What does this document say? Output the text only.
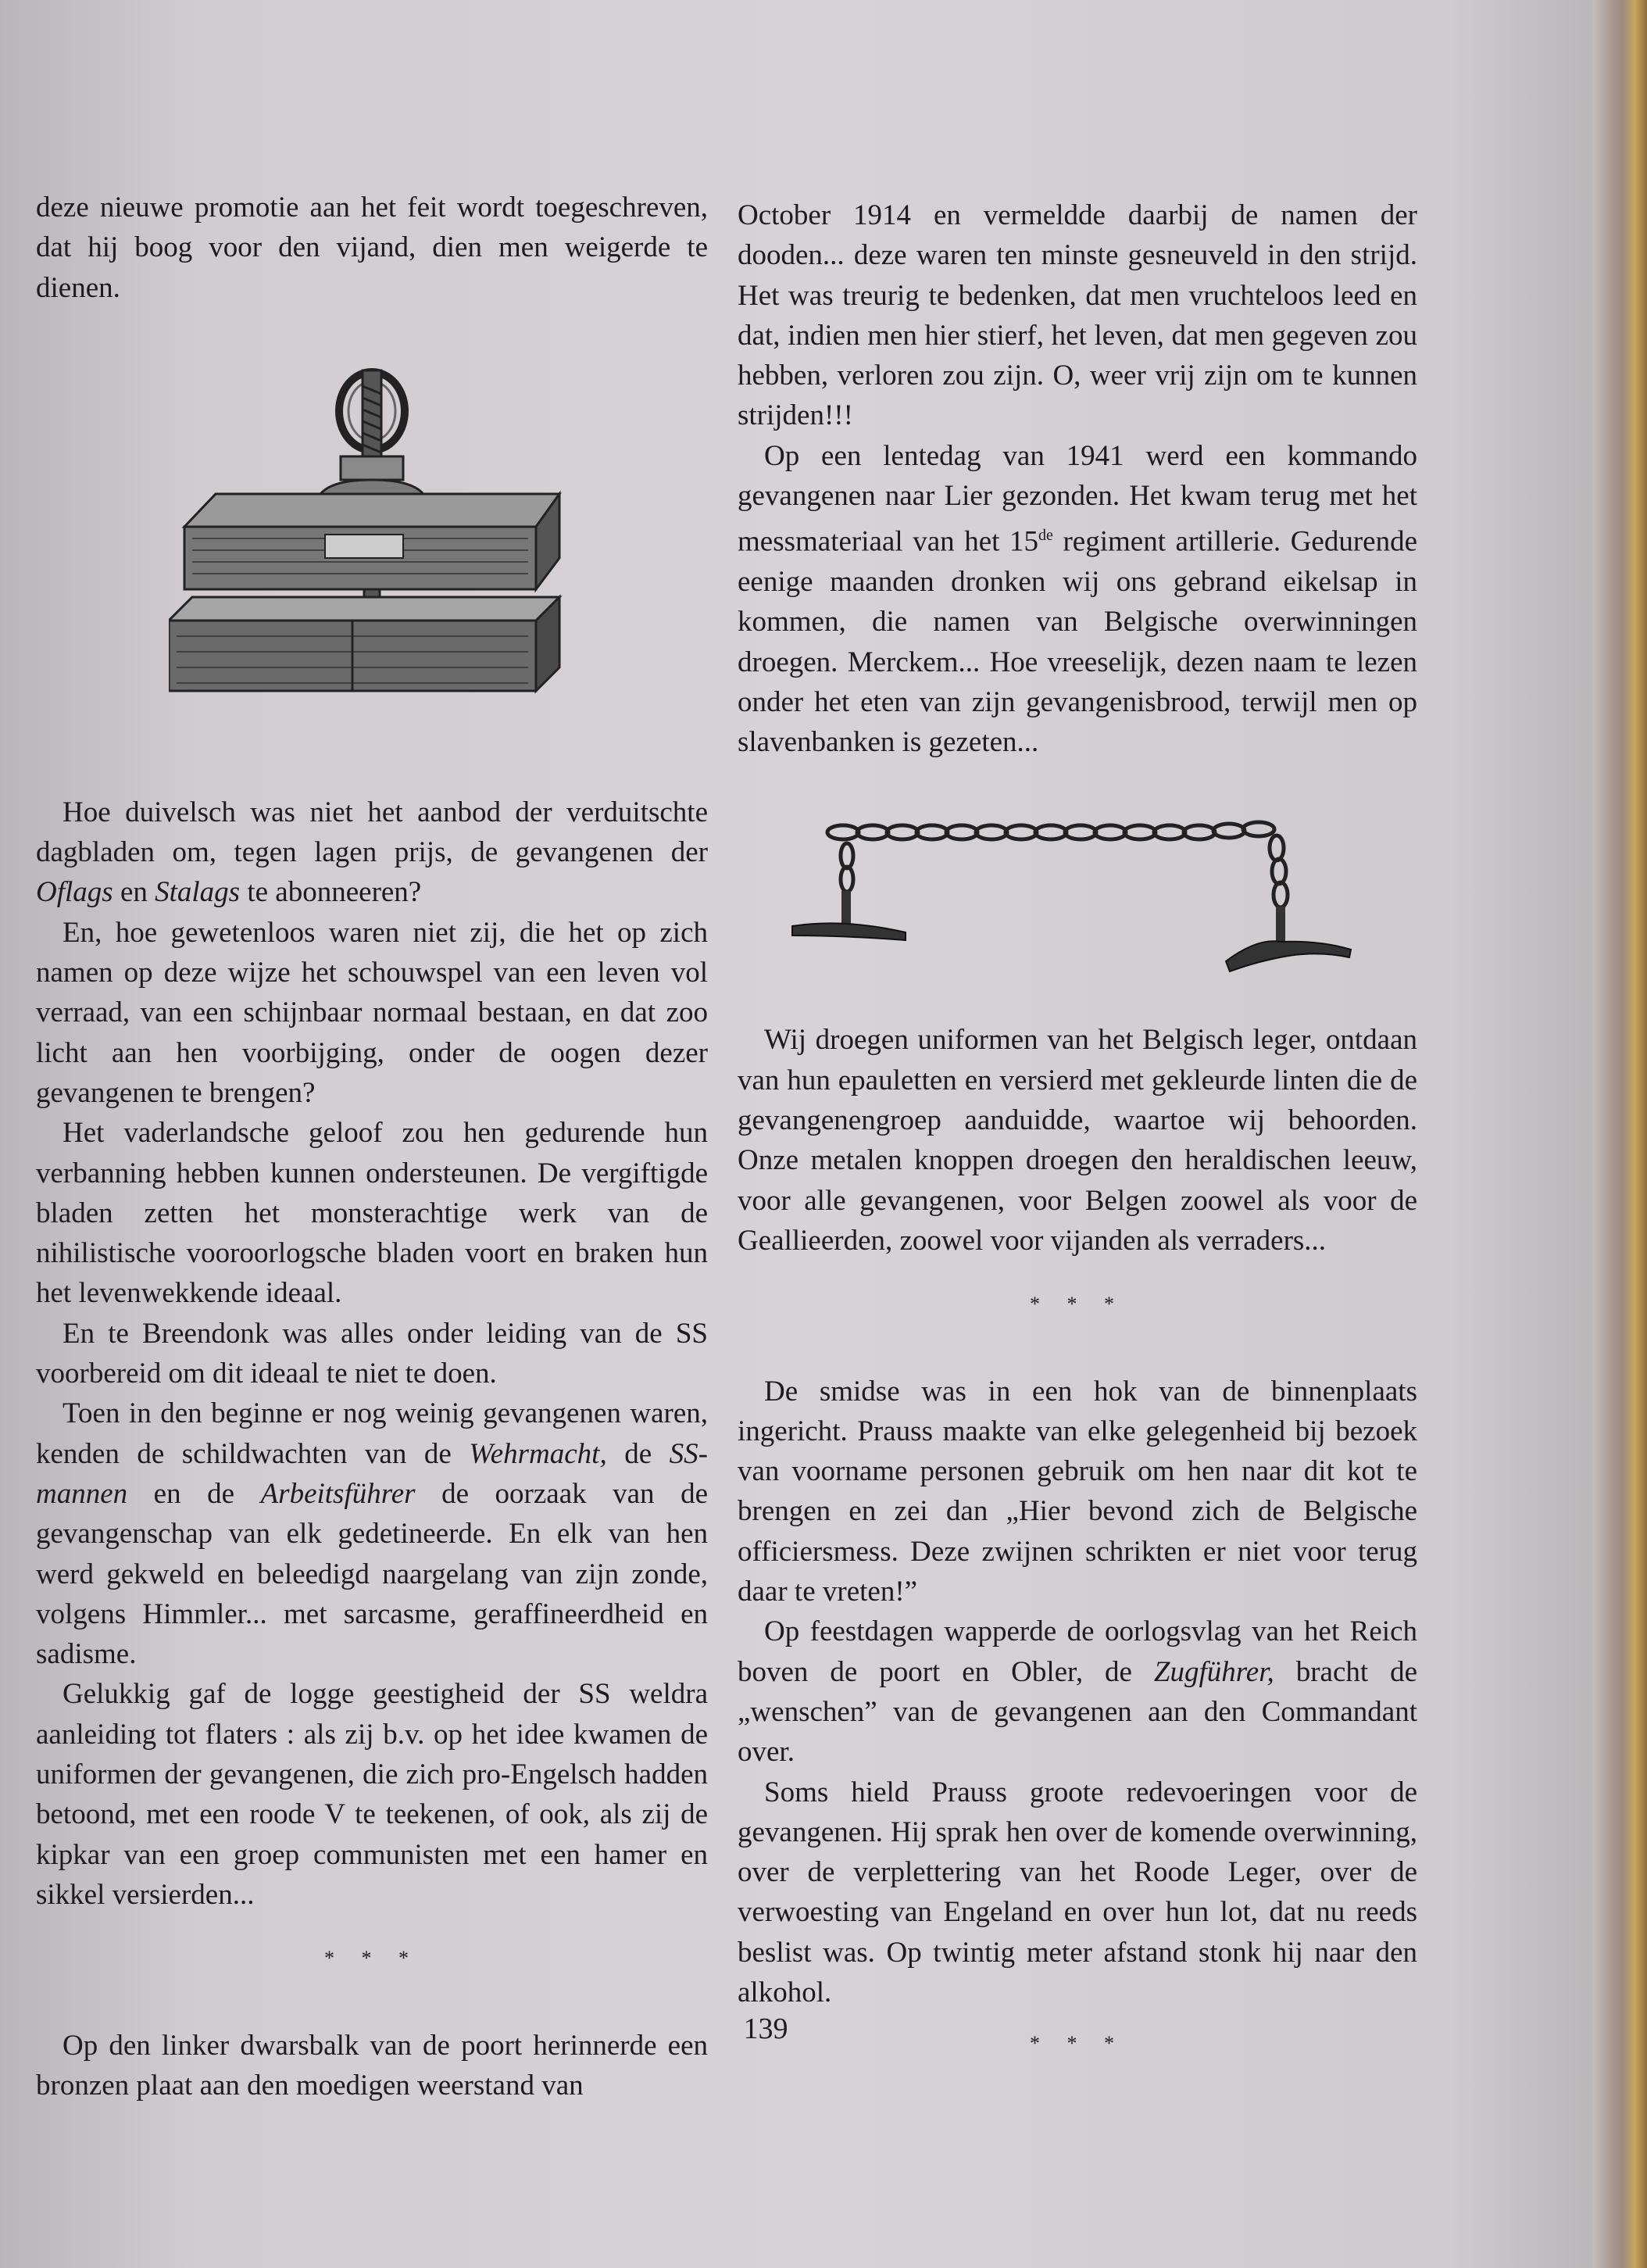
deze nieuwe promotie aan het feit wordt toegeschreven, dat hij boog voor den vijand, dien men weigerde te dienen.

Hoe duivelsch was niet het aanbod der verduitschte dagbladen om, tegen lagen prijs, de gevangenen der Oflags en Stalags te abonneeren?

En, hoe gewetenloos waren niet zij, die het op zich namen op deze wijze het schouwspel van een leven vol verraad, van een schijnbaar normaal bestaan, en dat zoo licht aan hen voorbijging, onder de oogen dezer gevangenen te brengen?

Het vaderlandsche geloof zou hen gedurende hun verbanning hebben kunnen ondersteunen. De vergiftigde bladen zetten het monsterachtige werk van de nihilistische vooroorlogsche bladen voort en braken hun het levenwekkende ideaal.

En te Breendonk was alles onder leiding van de SS voorbereid om dit ideaal te niet te doen.

Toen in den beginne er nog weinig gevangenen waren, kenden de schildwachten van de Wehrmacht, de SS-mannen en de Arbeitsführer de oorzaak van de gevangenschap van elk gedetineerde. En elk van hen werd gekweld en beleedigd naargelang van zijn zonde, volgens Himmler... met sarcasme, geraffineerdheid en sadisme.

Gelukkig gaf de logge geestigheid der SS weldra aanleiding tot flaters : als zij b.v. op het idee kwamen de uniformen der gevangenen, die zich pro-Engelsch hadden betoond, met een roode V te teekenen, of ook, als zij de kipkar van een groep communisten met een hamer en sikkel versierden...

* * *

Op den linker dwarsbalk van de poort herinnerde een bronzen plaat aan den moedigen weerstand van

October 1914 en vermeldde daarbij de namen der dooden... deze waren ten minste gesneuveld in den strijd. Het was treurig te bedenken, dat men vruchteloos leed en dat, indien men hier stierf, het leven, dat men gegeven zou hebben, verloren zou zijn. O, weer vrij zijn om te kunnen strijden!!!

Op een lentedag van 1941 werd een kommando gevangenen naar Lier gezonden. Het kwam terug met het messmateriaal van het 15de regiment artillerie. Gedurende eenige maanden dronken wij ons gebrand eikelsap in kommen, die namen van Belgische overwinningen droegen. Merckem... Hoe vreeselijk, dezen naam te lezen onder het eten van zijn gevangenisbrood, terwijl men op slavenbanken is gezeten...

Wij droegen uniformen van het Belgisch leger, ontdaan van hun epauletten en versierd met gekleurde linten die de gevangenengroep aanduidde, waartoe wij behoorden. Onze metalen knoppen droegen den heraldischen leeuw, voor alle gevangenen, voor Belgen zoowel als voor de Geallieerden, zoowel voor vijanden als verraders...

* * *

De smidse was in een hok van de binnenplaats ingericht. Prauss maakte van elke gelegenheid bij bezoek van voorname personen gebruik om hen naar dit kot te brengen en zei dan „Hier bevond zich de Belgische officiersmess. Deze zwijnen schrikten er niet voor terug daar te vreten!”

Op feestdagen wapperde de oorlogsvlag van het Reich boven de poort en Obler, de Zugführer, bracht de „wenschen” van de gevangenen aan den Commandant over.

Soms hield Prauss groote redevoeringen voor de gevangenen. Hij sprak hen over de komende overwinning, over de verplettering van het Roode Leger, over de verwoesting van Engeland en over hun lot, dat nu reeds beslist was. Op twintig meter afstand stonk hij naar den alkohol.

* * *
139
